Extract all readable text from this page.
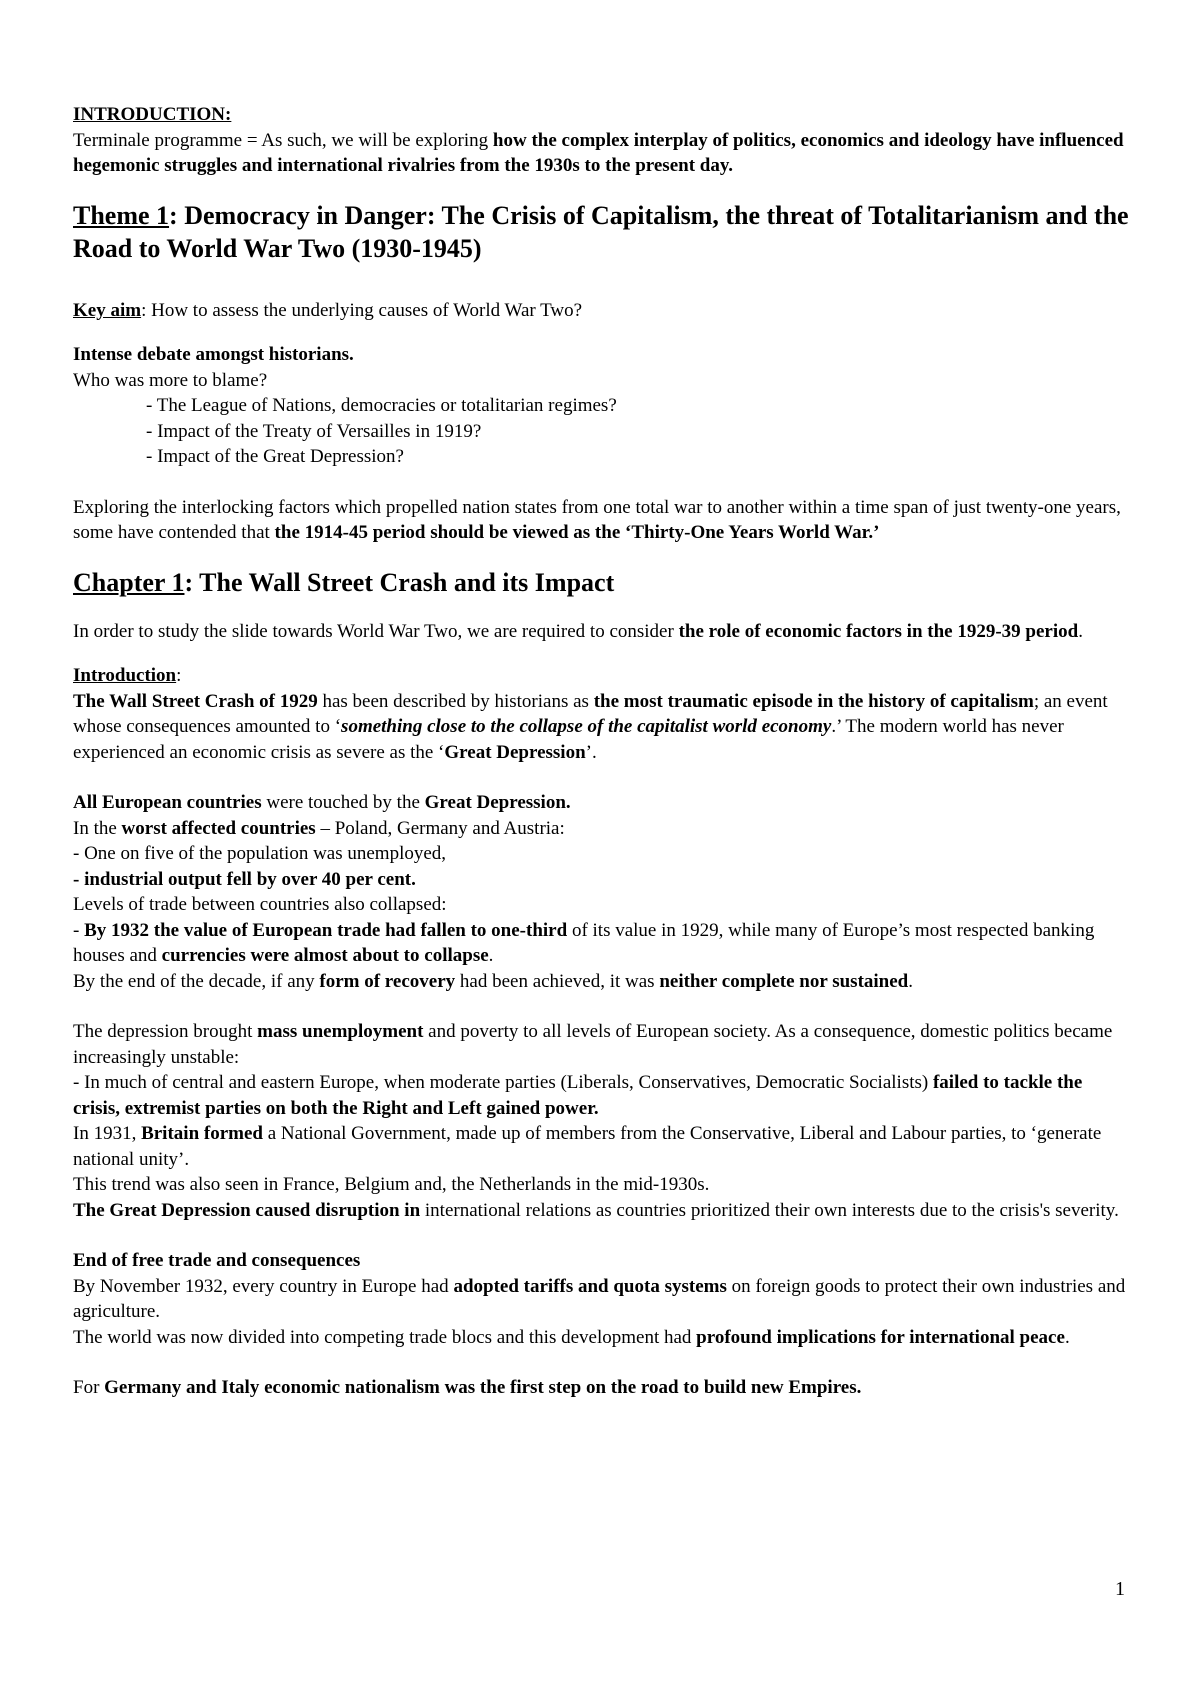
INTRODUCTION:

Terminale programme = As such, we will be exploring how the complex interplay of politics, economics and ideology have influenced hegemonic struggles and international rivalries from the 1930s to the present day.

Theme 1: Democracy in Danger: The Crisis of Capitalism, the threat of Totalitarianism and the Road to World War Two (1930-1945)

Key aim: How to assess the underlying causes of World War Two?

Intense debate amongst historians.

Who was more to blame?

- The League of Nations, democracies or totalitarian regimes?

- Impact of the Treaty of Versailles in 1919?

- Impact of the Great Depression?

Exploring the interlocking factors which propelled nation states from one total war to another within a time span of just twenty-one years, some have contended that the 1914-45 period should be viewed as the ‘Thirty-One Years World War.’

Chapter 1: The Wall Street Crash and its Impact

In order to study the slide towards World War Two, we are required to consider the role of economic factors in the 1929-39 period.

Introduction:

The Wall Street Crash of 1929 has been described by historians as the most traumatic episode in the history of capitalism; an event whose consequences amounted to ‘something close to the collapse of the capitalist world economy.’ The modern world has never experienced an economic crisis as severe as the ‘Great Depression’.

All European countries were touched by the Great Depression.

In the worst affected countries – Poland, Germany and Austria:

- One on five of the population was unemployed,

- industrial output fell by over 40 per cent.

Levels of trade between countries also collapsed:

- By 1932 the value of European trade had fallen to one-third of its value in 1929, while many of Europe’s most respected banking houses and currencies were almost about to collapse.

By the end of the decade, if any form of recovery had been achieved, it was neither complete nor sustained.

The depression brought mass unemployment and poverty to all levels of European society. As a consequence, domestic politics became increasingly unstable:

- In much of central and eastern Europe, when moderate parties (Liberals, Conservatives, Democratic Socialists) failed to tackle the crisis, extremist parties on both the Right and Left gained power.

In 1931, Britain formed a National Government, made up of members from the Conservative, Liberal and Labour parties, to ‘generate national unity’.

This trend was also seen in France, Belgium and, the Netherlands in the mid-1930s.

The Great Depression caused disruption in international relations as countries prioritized their own interests due to the crisis's severity.

End of free trade and consequences

By November 1932, every country in Europe had adopted tariffs and quota systems on foreign goods to protect their own industries and agriculture.

The world was now divided into competing trade blocs and this development had profound implications for international peace.

For Germany and Italy economic nationalism was the first step on the road to build new Empires.

1
